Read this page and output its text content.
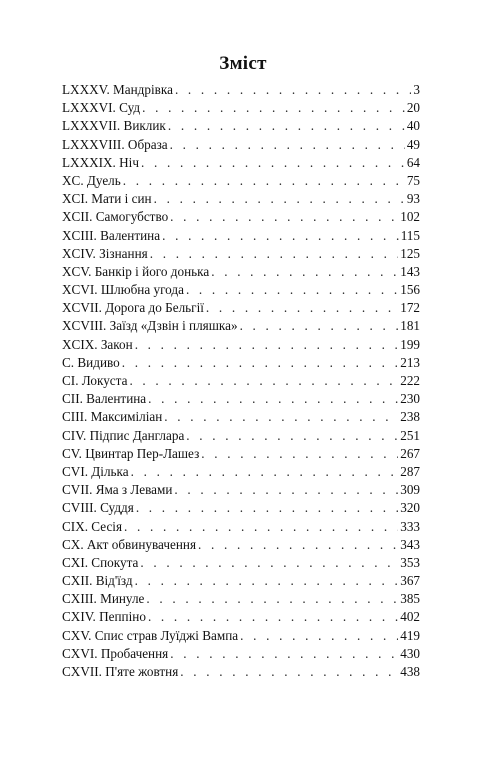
Зміст
LXXXV. Мандрівка . . .	3
LXXXVI. Суд . . .	20
LXXXVII. Виклик . . .	40
LXXXVIII. Образа . . .	49
LXXXIX. Ніч . . .	64
XC. Дуель . . .	75
XCI. Мати і син . . .	93
XCII. Самогубство . . .	102
XCIII. Валентина . . .	115
XCIV. Зізнання . . .	125
XCV. Банкір і його донька . . .	143
XCVI. Шлюбна угода . . .	156
XCVII. Дорога до Бельгії . . .	172
XCVIII. Заїзд «Дзвін і пляшка» . . .	181
XCIX. Закон . . .	199
С. Видиво . . .	213
CI. Локуста . . .	222
CII. Валентина . . .	230
CIII. Максиміліан . . .	238
CIV. Підпис Данглара . . .	251
CV. Цвинтар Пер-Лашез . . .	267
CVI. Ділька . . .	287
CVII. Яма з Левами . . .	309
CVIII. Суддя . . .	320
CIX. Сесія . . .	333
CX. Акт обвинувачення . . .	343
CXI. Спокута . . .	353
CXII. Від'їзд . . .	367
CXIII. Минуле . . .	385
CXIV. Пеппіно . . .	402
CXV. Спис страв Луїджі Вампа . . .	419
CXVI. Пробачення . . .	430
CXVII. П'яте жовтня . . .	438
